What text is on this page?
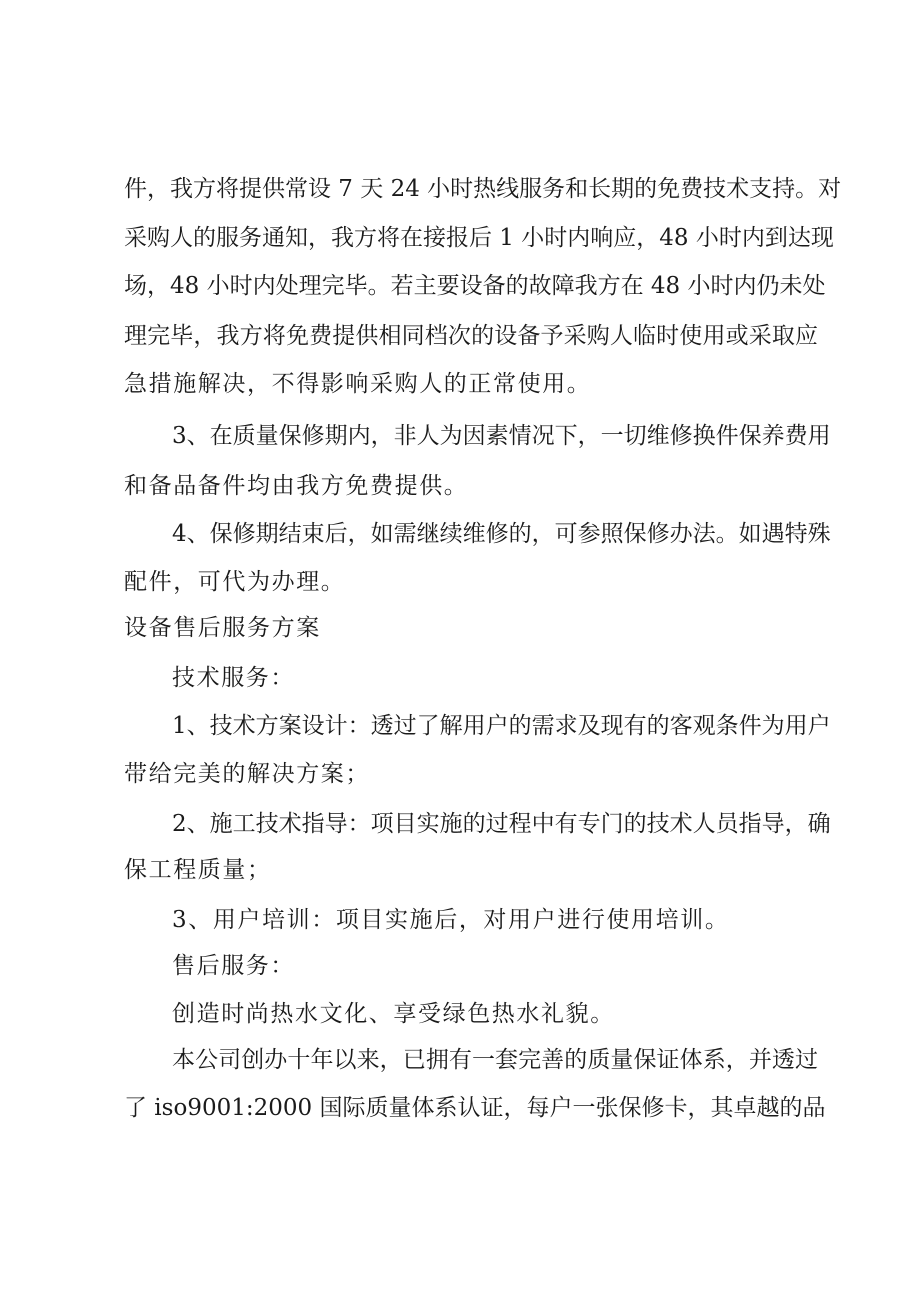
件，我方将提供常设 7 天 24 小时热线服务和长期的免费技术支持。对
采购人的服务通知，我方将在接报后 1 小时内响应，48 小时内到达现
场，48 小时内处理完毕。若主要设备的故障我方在 48 小时内仍未处
理完毕，我方将免费提供相同档次的设备予采购人临时使用或采取应
急措施解决，不得影响采购人的正常使用。
3、在质量保修期内，非人为因素情况下，一切维修换件保养费用
和备品备件均由我方免费提供。
4、保修期结束后，如需继续维修的，可参照保修办法。如遇特殊
配件，可代为办理。
设备售后服务方案
技术服务：
1、技术方案设计：透过了解用户的需求及现有的客观条件为用户
带给完美的解决方案；
2、施工技术指导：项目实施的过程中有专门的技术人员指导，确
保工程质量；
3、用户培训：项目实施后，对用户进行使用培训。
售后服务：
创造时尚热水文化、享受绿色热水礼貌。
本公司创办十年以来，已拥有一套完善的质量保证体系，并透过
了 iso9001:2000 国际质量体系认证，每户一张保修卡，其卓越的品
